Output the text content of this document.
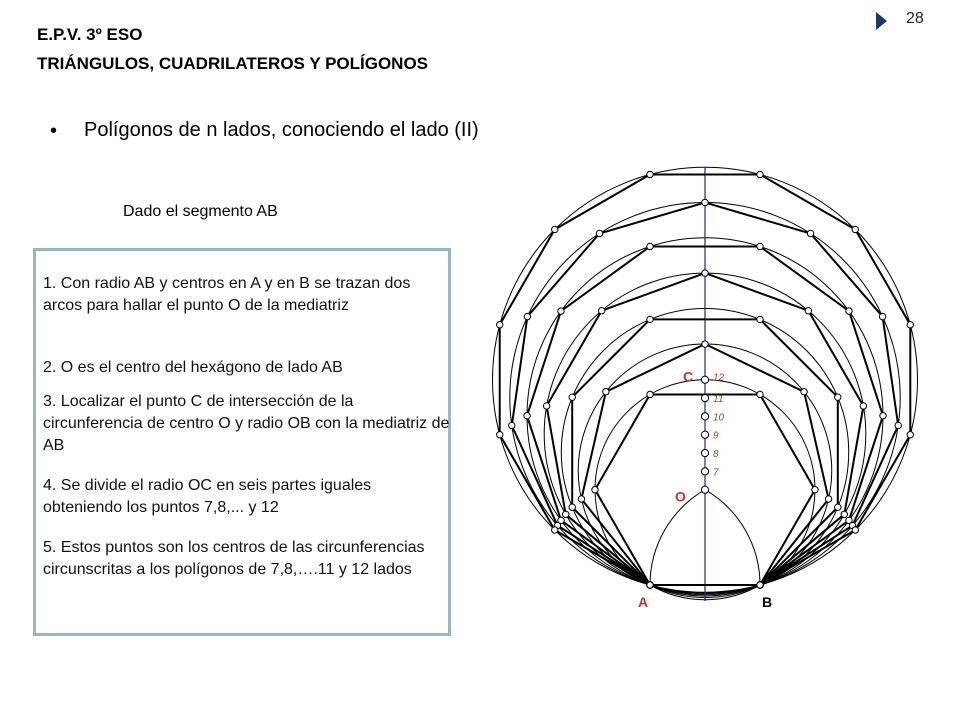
E.P.V. 3º ESO
TRIÁNGULOS, CUADRILATEROS Y POLÍGONOS
28
• Polígonos de n lados, conociendo el lado (II)
Dado el segmento AB
1. Con radio AB y centros en A y en B se trazan dos arcos para hallar el punto O de la mediatriz
2. O es el centro del hexágono de lado AB
3. Localizar el punto C de intersección de la circunferencia de centro O y radio OB con la mediatriz de AB
4. Se divide el radio OC en seis partes iguales obteniendo los puntos 7,8,... y 12
5. Estos puntos son los centros de las circunferencias circunscritas a los polígonos de 7,8,….11 y 12 lados
7
8
9
10
11
12
A	B
C
O
